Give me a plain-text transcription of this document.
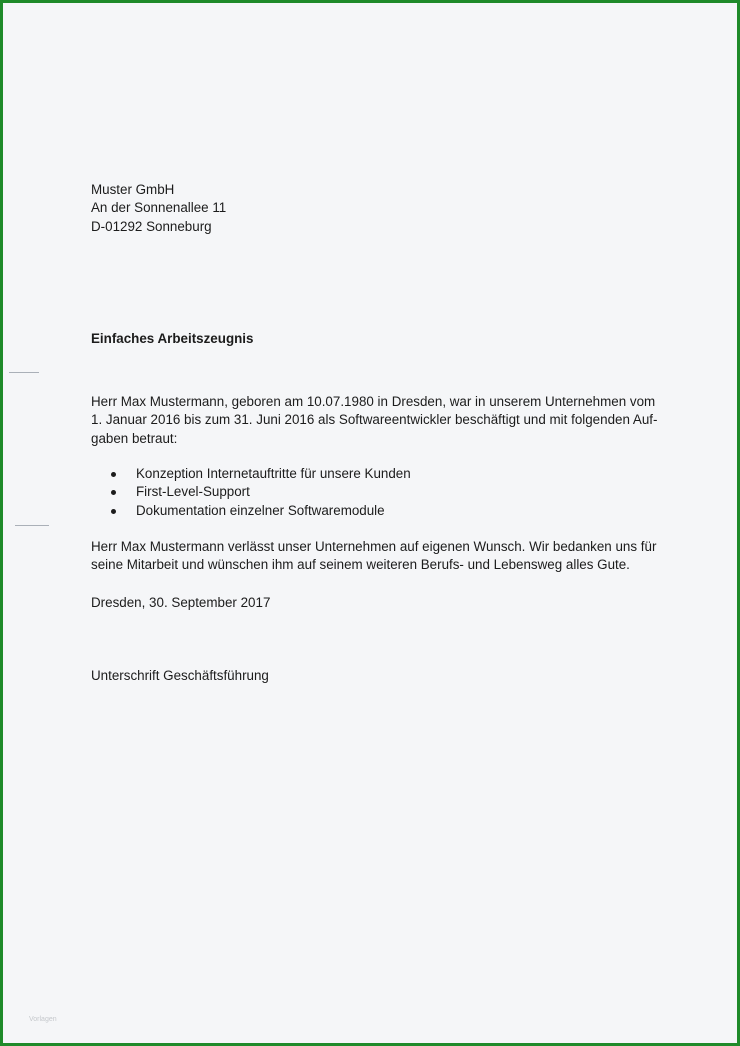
Muster GmbH
An der Sonnenallee 11
D-01292 Sonneburg
Einfaches Arbeitszeugnis
Herr Max Mustermann, geboren am 10.07.1980 in Dresden, war in unserem Unternehmen vom
1. Januar 2016 bis zum 31. Juni 2016 als Softwareentwickler beschäftigt und mit folgenden Auf-
gaben betraut:
Konzeption Internetauftritte für unsere Kunden
First-Level-Support
Dokumentation einzelner Softwaremodule
Herr Max Mustermann verlässt unser Unternehmen auf eigenen Wunsch. Wir bedanken uns für
seine Mitarbeit und wünschen ihm auf seinem weiteren Berufs- und Lebensweg alles Gute.
Dresden, 30. September 2017
Unterschrift Geschäftsführung
Vorlagen
